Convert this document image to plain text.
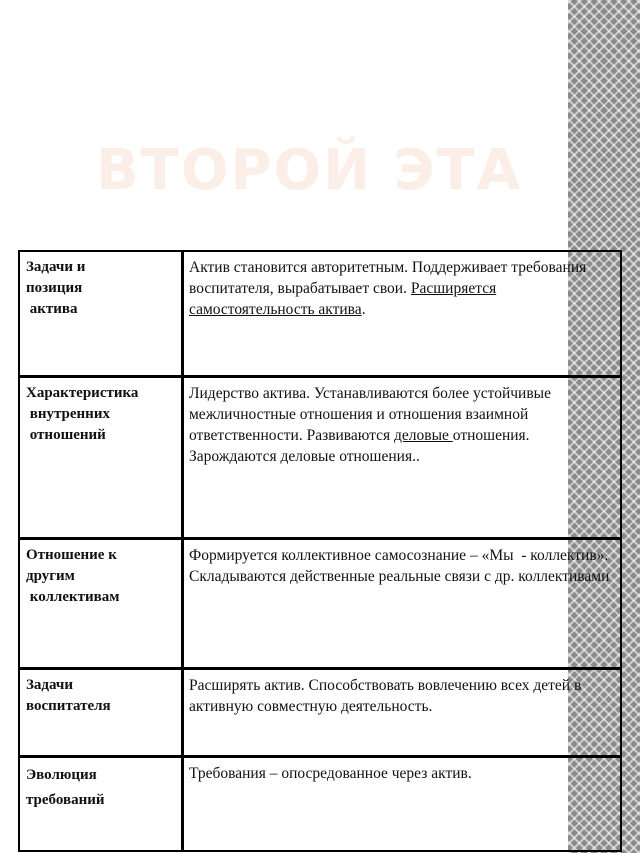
ВТОРОЙ ЭТАП
Задачи и
позиция
актива	Актив становится авторитетным. Поддерживает требования воспитателя, вырабатывает свои. Расширяется самостоятельность актива.

Характеристика
внутренних
отношений	Лидерство актива. Устанавливаются более устойчивые межличностные отношения и отношения взаимной ответственности. Развиваются деловые отношения. Зарождаются деловые отношения..

Отношение к
другим
коллективам	Формируется коллективное самосознание – «Мы  - коллектив». Складываются действенные реальные связи с др. коллективами

Задачи
воспитателя	Расширять актив. Способствовать вовлечению всех детей в активную совместную деятельность.

Эволюция
требований	Требования – опосредованное через актив.
